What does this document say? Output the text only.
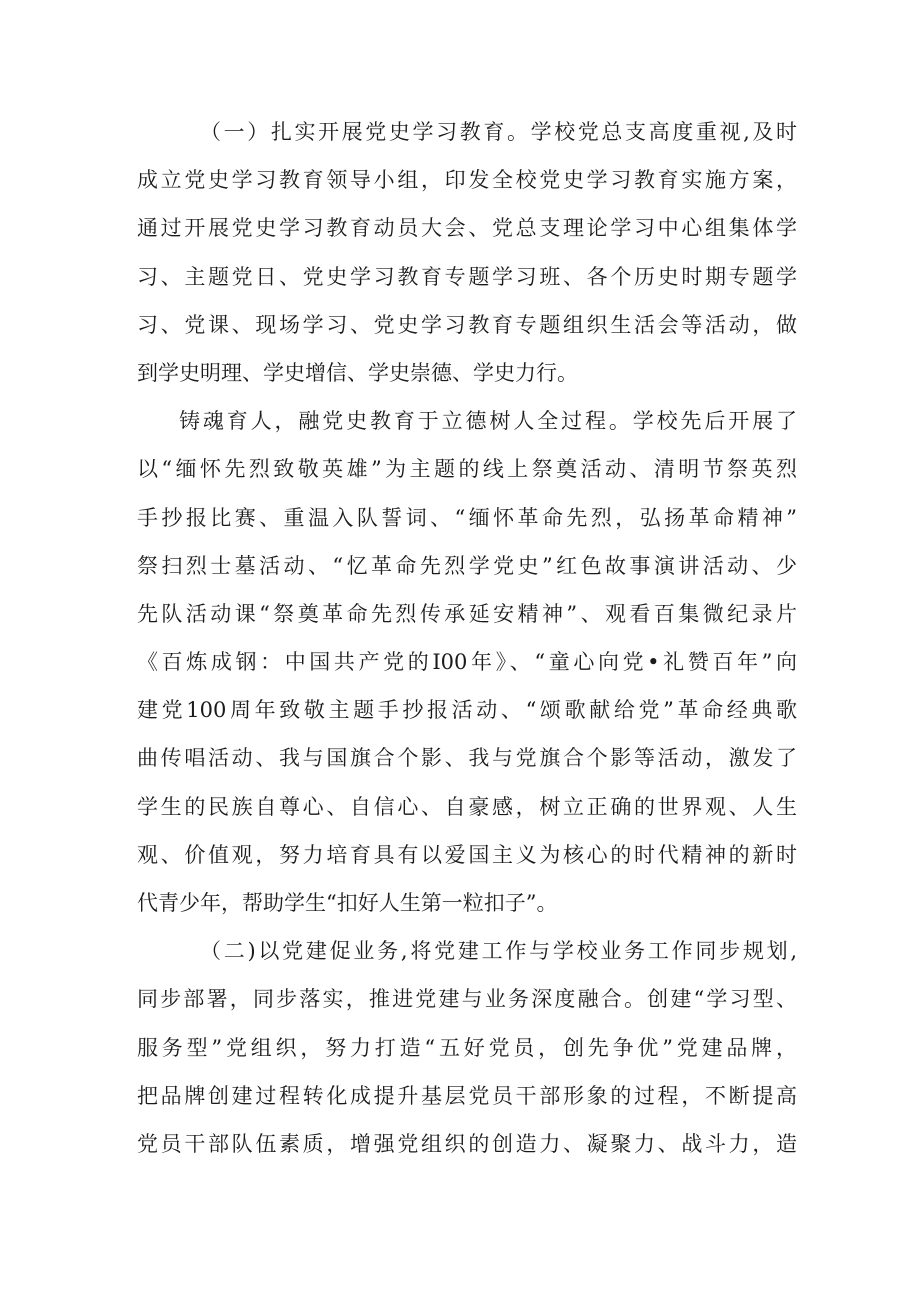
（一）扎实开展党史学习教育。学校党总支高度重视,及时
成立党史学习教育领导小组，印发全校党史学习教育实施方案，
通过开展党史学习教育动员大会、党总支理论学习中心组集体学
习、主题党日、党史学习教育专题学习班、各个历史时期专题学
习、党课、现场学习、党史学习教育专题组织生活会等活动，做
到学史明理、学史增信、学史崇德、学史力行。
铸魂育人，融党史教育于立德树人全过程。学校先后开展了
以“缅怀先烈致敬英雄”为主题的线上祭奠活动、清明节祭英烈
手抄报比赛、重温入队誓词、“缅怀革命先烈，弘扬革命精神”
祭扫烈士墓活动、“忆革命先烈学党史”红色故事演讲活动、少
先队活动课“祭奠革命先烈传承延安精神”、观看百集微纪录片
《百炼成钢：中国共产党的I00年》、“童心向党•礼赞百年”向
建党100周年致敬主题手抄报活动、“颂歌献给党”革命经典歌
曲传唱活动、我与国旗合个影、我与党旗合个影等活动，激发了
学生的民族自尊心、自信心、自豪感，树立正确的世界观、人生
观、价值观，努力培育具有以爱国主义为核心的时代精神的新时
代青少年，帮助学生“扣好人生第一粒扣子”。
（二)以党建促业务,将党建工作与学校业务工作同步规划,
同步部署，同步落实，推进党建与业务深度融合。创建“学习型、
服务型”党组织，努力打造“五好党员，创先争优”党建品牌，
把品牌创建过程转化成提升基层党员干部形象的过程，不断提高
党员干部队伍素质，增强党组织的创造力、凝聚力、战斗力，造
